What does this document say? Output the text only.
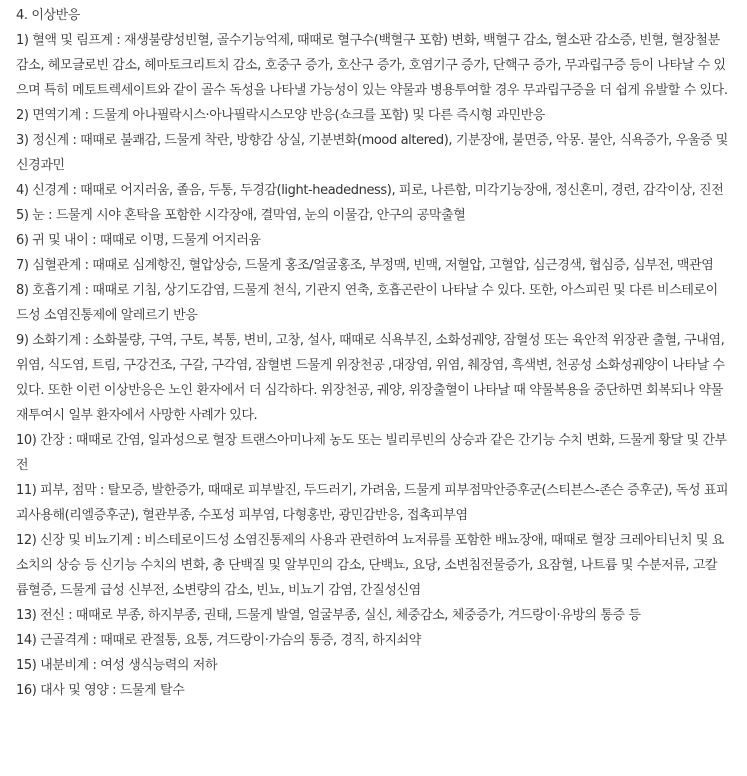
4. 이상반응

1) 혈액 및 림프계 : 재생불량성빈혈, 골수기능억제, 때때로 혈구수(백혈구 포함) 변화, 백혈구 감소, 혈소판 감소증, 빈혈, 혈장철분 감소, 헤모글로빈 감소, 헤마토크리트치 감소, 호중구 증가, 호산구 증가, 호염기구 증가, 단핵구 증가, 무과립구증 등이 나타날 수 있으며 특히 메토트렉세이트와 같이 골수 독성을 나타낼 가능성이 있는 약물과 병용투여할 경우 무과립구증을 더 쉽게 유발할 수 있다.

2) 면역기계 : 드물게 아나필락시스·아나필락시스모양 반응(쇼크를 포함) 및 다른 즉시형 과민반응

3) 정신계 : 때때로 불쾌감, 드물게 착란, 방향감 상실, 기분변화(mood altered), 기분장애, 불면증, 악몽. 불안, 식욕증가, 우울증 및 신경과민

4) 신경계 : 때때로 어지러움, 졸음, 두통, 두경감(light-headedness), 피로, 나른함, 미각기능장애, 정신혼미, 경련, 감각이상, 진전

5) 눈 : 드물게 시야 혼탁을 포함한 시각장애, 결막염, 눈의 이물감, 안구의 공막출혈

6) 귀 및 내이 : 때때로 이명, 드물게 어지러움

7) 심혈관계 : 때때로 심계항진, 혈압상승, 드물게 홍조/얼굴홍조, 부정맥, 빈맥, 저혈압, 고혈압, 심근경색, 협심증, 심부전, 맥관염

8) 호흡기계 : 때때로 기침, 상기도감염, 드물게 천식, 기관지 연축, 호흡곤란이 나타날 수 있다. 또한, 아스피린 및 다른 비스테로이드성 소염진통제에 알레르기 반응

9) 소화기계 : 소화불량, 구역, 구토, 복통, 변비, 고창, 설사, 때때로 식욕부진, 소화성궤양, 잠혈성 또는 육안적 위장관 출혈, 구내염, 위염, 식도염, 트림, 구강건조, 구갈, 구각염, 잠혈변 드물게 위장천공 ,대장염, 위염, 췌장염, 흑색변, 천공성 소화성궤양이 나타날 수 있다. 또한 이런 이상반응은 노인 환자에서 더 심각하다. 위장천공, 궤양, 위장출혈이 나타날 때 약물복용을 중단하면 회복되나 약물 재투여시 일부 환자에서 사망한 사례가 있다.

10) 간장 : 때때로 간염, 일과성으로 혈장 트랜스아미나제 농도 또는 빌리루빈의 상승과 같은 간기능 수치 변화, 드물게 황달 및 간부전

11) 피부, 점막 : 탈모증, 발한증가, 때때로 피부발진, 두드러기, 가려움, 드물게 피부점막안증후군(스티븐스-존슨 증후군), 독성 표피괴사용해(리엘증후군), 혈관부종, 수포성 피부염, 다형홍반, 광민감반응, 접촉피부염

12) 신장 및 비뇨기계 : 비스테로이드성 소염진통제의 사용과 관련하여 뇨저류를 포함한 배뇨장애, 때때로 혈장 크레아티닌치 및 요소치의 상승 등 신기능 수치의 변화, 총 단백질 및 알부민의 감소, 단백뇨, 요당, 소변침전물증가, 요잠혈, 나트륨 및 수분저류, 고칼륨혈증, 드물게 급성 신부전, 소변량의 감소, 빈뇨, 비뇨기 감염, 간질성신염

13) 전신 : 때때로 부종, 하지부종, 권태, 드물게 발열, 얼굴부종, 실신, 체중감소, 체중증가, 겨드랑이·유방의 통증 등

14) 근골격계 : 때때로 관절통, 요통, 겨드랑이·가슴의 통증, 경직, 하지쇠약

15) 내분비계 : 여성 생식능력의 저하

16) 대사 및 영양 : 드물게 탈수
